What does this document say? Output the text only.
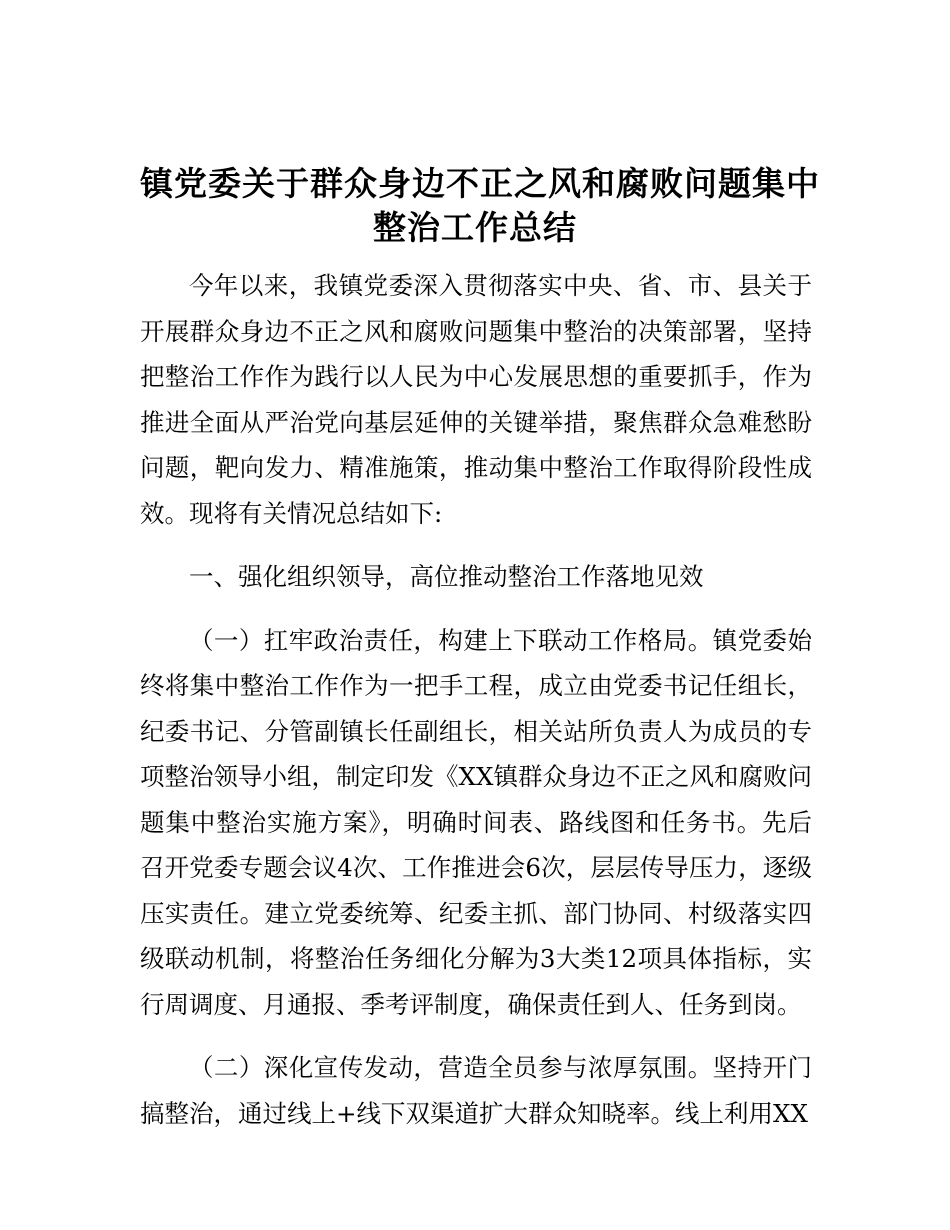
镇党委关于群众身边不正之风和腐败问题集中
整治工作总结

今年以来，我镇党委深入贯彻落实中央、省、市、县关于开展群众身边不正之风和腐败问题集中整治的决策部署，坚持把整治工作作为践行以人民为中心发展思想的重要抓手，作为推进全面从严治党向基层延伸的关键举措，聚焦群众急难愁盼问题，靶向发力、精准施策，推动集中整治工作取得阶段性成效。现将有关情况总结如下:

一、强化组织领导，高位推动整治工作落地见效

（一）扛牢政治责任，构建上下联动工作格局。镇党委始终将集中整治工作作为一把手工程，成立由党委书记任组长，纪委书记、分管副镇长任副组长，相关站所负责人为成员的专项整治领导小组，制定印发《XX镇群众身边不正之风和腐败问题集中整治实施方案》，明确时间表、路线图和任务书。先后召开党委专题会议4次、工作推进会6次，层层传导压力，逐级压实责任。建立党委统筹、纪委主抓、部门协同、村级落实四级联动机制，将整治任务细化分解为3大类12项具体指标，实行周调度、月通报、季考评制度，确保责任到人、任务到岗。

（二）深化宣传发动，营造全员参与浓厚氛围。坚持开门搞整治，通过线上+线下双渠道扩大群众知晓率。线上利用XX
